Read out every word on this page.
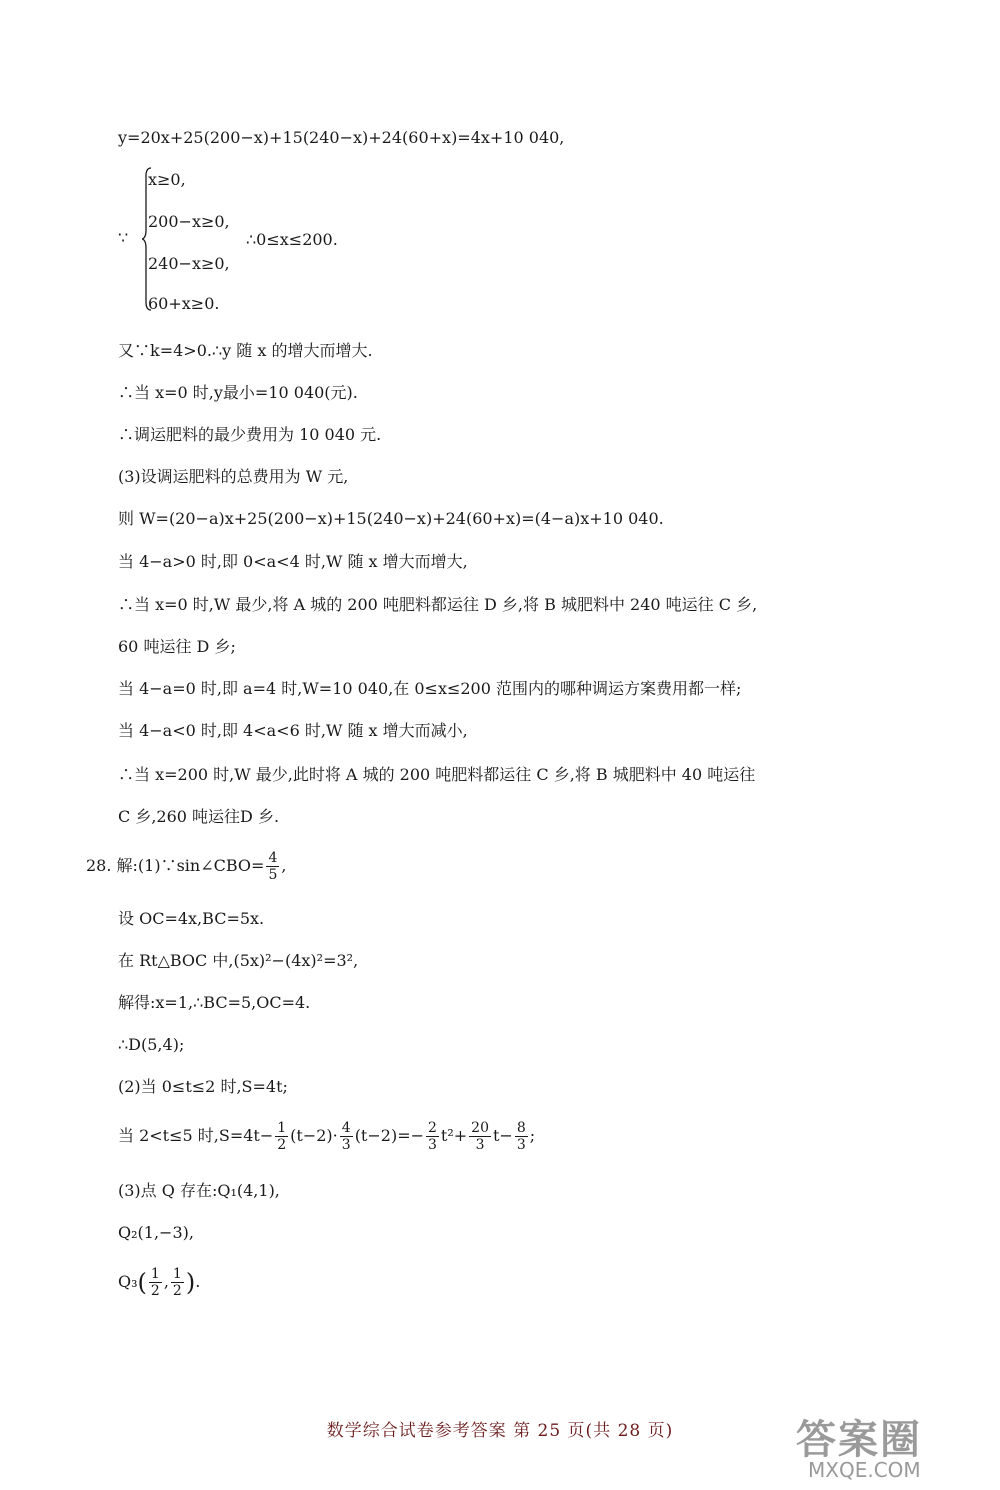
y=20x+25(200−x)+15(240−x)+24(60+x)=4x+10 040,
∵
x≥0,
200−x≥0,
240−x≥0,
60+x≥0.
∴0≤x≤200.
又∵k=4>0.∴y 随 x 的增大而增大.
∴当 x=0 时,y最小=10 040(元).
∴调运肥料的最少费用为 10 040 元.
(3)设调运肥料的总费用为 W 元,
则 W=(20−a)x+25(200−x)+15(240−x)+24(60+x)=(4−a)x+10 040.
当 4−a>0 时,即 0<a<4 时,W 随 x 增大而增大,
∴当 x=0 时,W 最少,将 A 城的 200 吨肥料都运往 D 乡,将 B 城肥料中 240 吨运往 C 乡,
60 吨运往 D 乡;
当 4−a=0 时,即 a=4 时,W=10 040,在 0≤x≤200 范围内的哪种调运方案费用都一样;
当 4−a<0 时,即 4<a<6 时,W 随 x 增大而减小,
∴当 x=200 时,W 最少,此时将 A 城的 200 吨肥料都运往 C 乡,将 B 城肥料中 40 吨运往
C 乡,260 吨运往D 乡.
28. 解:(1)∵sin∠CBO= $\frac{4}{5}$ ,
设 OC=4x,BC=5x.
在 Rt△BOC 中,(5x)²−(4x)²=3²,
解得:x=1,∴BC=5,OC=4.
∴D(5,4);
(2)当 0≤t≤2 时,S=4t;
当 2<t≤5 时$,S=4t- \frac{1}{2} (t-2)\cdot \frac{4}{3} (t-2)=- \frac{2}{3} t^2+ \frac{20}{3} t- \frac{8}{3}$ ;
(3)点 Q 存在:Q₁(4,1),
Q₂(1,−3),
$Q_3( \frac{1}{2}$ , $\frac{1}{2}$ ).
数学综合试卷参考答案 第 25 页(共 28 页)	答案圈
MXQE.COM
